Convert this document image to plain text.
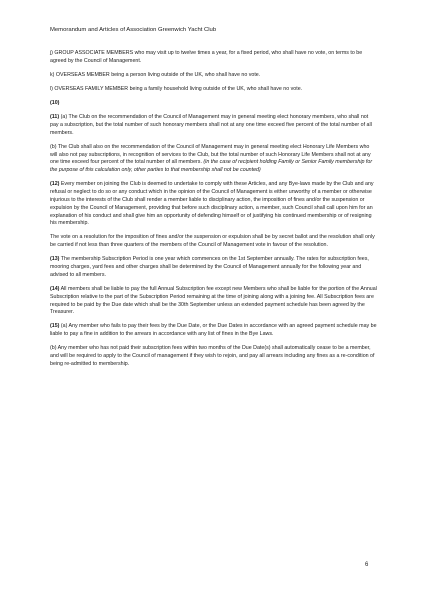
Memorandum and Articles of Association Greenwich Yacht Club

j) GROUP ASSOCIATE MEMBERS who may visit up to twelve times a year, for a fixed period, who shall have no vote, on terms to be agreed by the Council of Management.

k) OVERSEAS MEMBER being a person living outside of the UK, who shall have no vote.

l) OVERSEAS FAMILY MEMBER being a family household living outside of the UK, who shall have no vote.

(10)

(11) (a) The Club on the recommendation of the Council of Management may in general meeting elect honorary members, who shall not pay a subscription, but the total number of such honorary members shall not at any one time exceed five percent of the total number of all members.

(b) The Club shall also on the recommendation of the Council of Management may in general meeting elect Honorary Life Members who will also not pay subscriptions, in recognition of services to the Club, but the total number of such Honorary Life Members shall not at any one time exceed four percent of the total number of all members. (in the case of recipient holding Family or Senior Family membership for the purpose of this calculation only, other parties to that membership shall not be counted)

(12) Every member on joining the Club is deemed to undertake to comply with these Articles, and any Bye-laws made by the Club and any refusal or neglect to do so or any conduct which in the opinion of the Council of Management is either unworthy of a member or otherwise injurious to the interests of the Club shall render a member liable to disciplinary action, the imposition of fines and/or the suspension or expulsion by the Council of Management, providing that before such disciplinary action, a member, such Council shall call upon him for an explanation of his conduct and shall give him an opportunity of defending himself or of justifying his continued membership or of resigning his membership.

The vote on a resolution for the imposition of fines and/or the suspension or expulsion shall be by secret ballot and the resolution shall only be carried if not less than three quarters of the members of the Council of Management vote in favour of the resolution.

(13) The membership Subscription Period is one year which commences on the 1st September annually. The rates for subscription fees, mooring charges, yard fees and other charges shall be determined by the Council of Management annually for the following year and advised to all members.

(14) All members shall be liable to pay the full Annual Subscription fee except new Members who shall be liable for the portion of the Annual Subscription relative to the part of the Subscription Period remaining at the time of joining along with a joining fee. All Subscription fees are required to be paid by the Due date which shall be the 30th September unless an extended payment schedule has been agreed by the Treasurer.

(15) (a) Any member who fails to pay their fees by the Due Date, or the Due Dates in accordance with an agreed payment schedule may be liable to pay a fine in addition to the arrears in accordance with any list of fines in the Bye Laws.

(b) Any member who has not paid their subscription fees within two months of the Due Date(s) shall automatically cease to be a member, and will be required to apply to the Council of management if they wish to rejoin, and pay all arrears including any fines as a re-condition of being re-admitted to membership.

6
